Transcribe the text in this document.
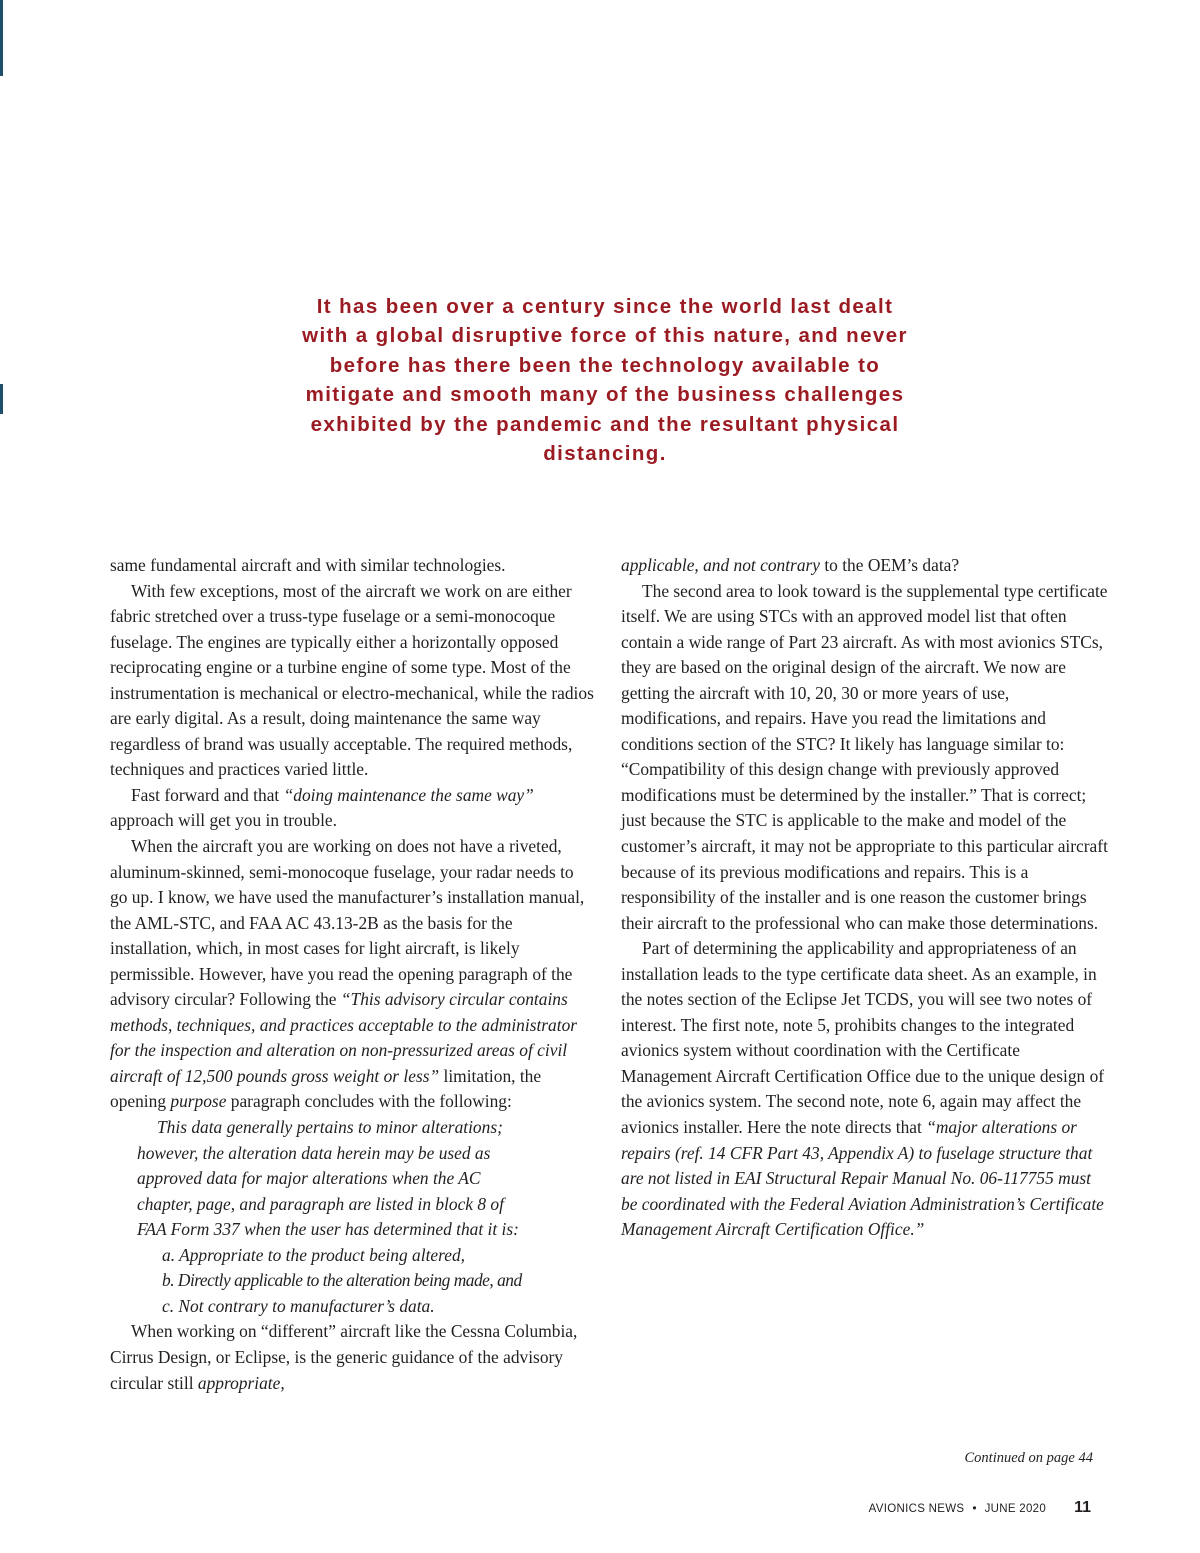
It has been over a century since the world last dealt with a global disruptive force of this nature, and never before has there been the technology available to mitigate and smooth many of the business challenges exhibited by the pandemic and the resultant physical distancing.

same fundamental aircraft and with similar technologies.

With few exceptions, most of the aircraft we work on are either fabric stretched over a truss-type fuselage or a semi-monocoque fuselage. The engines are typically either a horizontally opposed reciprocating engine or a turbine engine of some type. Most of the instrumentation is mechanical or electro-mechanical, while the radios are early digital. As a result, doing maintenance the same way regardless of brand was usually acceptable. The required methods, techniques and practices varied little.

Fast forward and that “doing maintenance the same way” approach will get you in trouble.

When the aircraft you are working on does not have a riveted, aluminum-skinned, semi-monocoque fuselage, your radar needs to go up. I know, we have used the manufacturer’s installation manual, the AML-STC, and FAA AC 43.13-2B as the basis for the installation, which, in most cases for light aircraft, is likely permissible. However, have you read the opening paragraph of the advisory circular? Following the “This advisory circular contains methods, techniques, and practices acceptable to the administrator for the inspection and alteration on non-pressurized areas of civil aircraft of 12,500 pounds gross weight or less” limitation, the opening purpose paragraph concludes with the following:

This data generally pertains to minor alterations;
however, the alteration data herein may be used as
approved data for major alterations when the AC
chapter, page, and paragraph are listed in block 8 of
FAA Form 337 when the user has determined that it is:
a. Appropriate to the product being altered,
b. Directly applicable to the alteration being made, and
c. Not contrary to manufacturer’s data.

When working on “different” aircraft like the Cessna Columbia, Cirrus Design, or Eclipse, is the generic guidance of the advisory circular still appropriate,

applicable, and not contrary to the OEM’s data?

The second area to look toward is the supplemental type certificate itself. We are using STCs with an approved model list that often contain a wide range of Part 23 aircraft. As with most avionics STCs, they are based on the original design of the aircraft. We now are getting the aircraft with 10, 20, 30 or more years of use, modifications, and repairs. Have you read the limitations and conditions section of the STC? It likely has language similar to: “Compatibility of this design change with previously approved modifications must be determined by the installer.” That is correct; just because the STC is applicable to the make and model of the customer’s aircraft, it may not be appropriate to this particular aircraft because of its previous modifications and repairs. This is a responsibility of the installer and is one reason the customer brings their aircraft to the professional who can make those determinations.

Part of determining the applicability and appropriateness of an installation leads to the type certificate data sheet. As an example, in the notes section of the Eclipse Jet TCDS, you will see two notes of interest. The first note, note 5, prohibits changes to the integrated avionics system without coordination with the Certificate Management Aircraft Certification Office due to the unique design of the avionics system. The second note, note 6, again may affect the avionics installer. Here the note directs that “major alterations or repairs (ref. 14 CFR Part 43, Appendix A) to fuselage structure that are not listed in EAI Structural Repair Manual No. 06-117755 must be coordinated with the Federal Aviation Administration’s Certificate Management Aircraft Certification Office.”

Continued on page 44
AVIONICS NEWS • JUNE 2020 11
